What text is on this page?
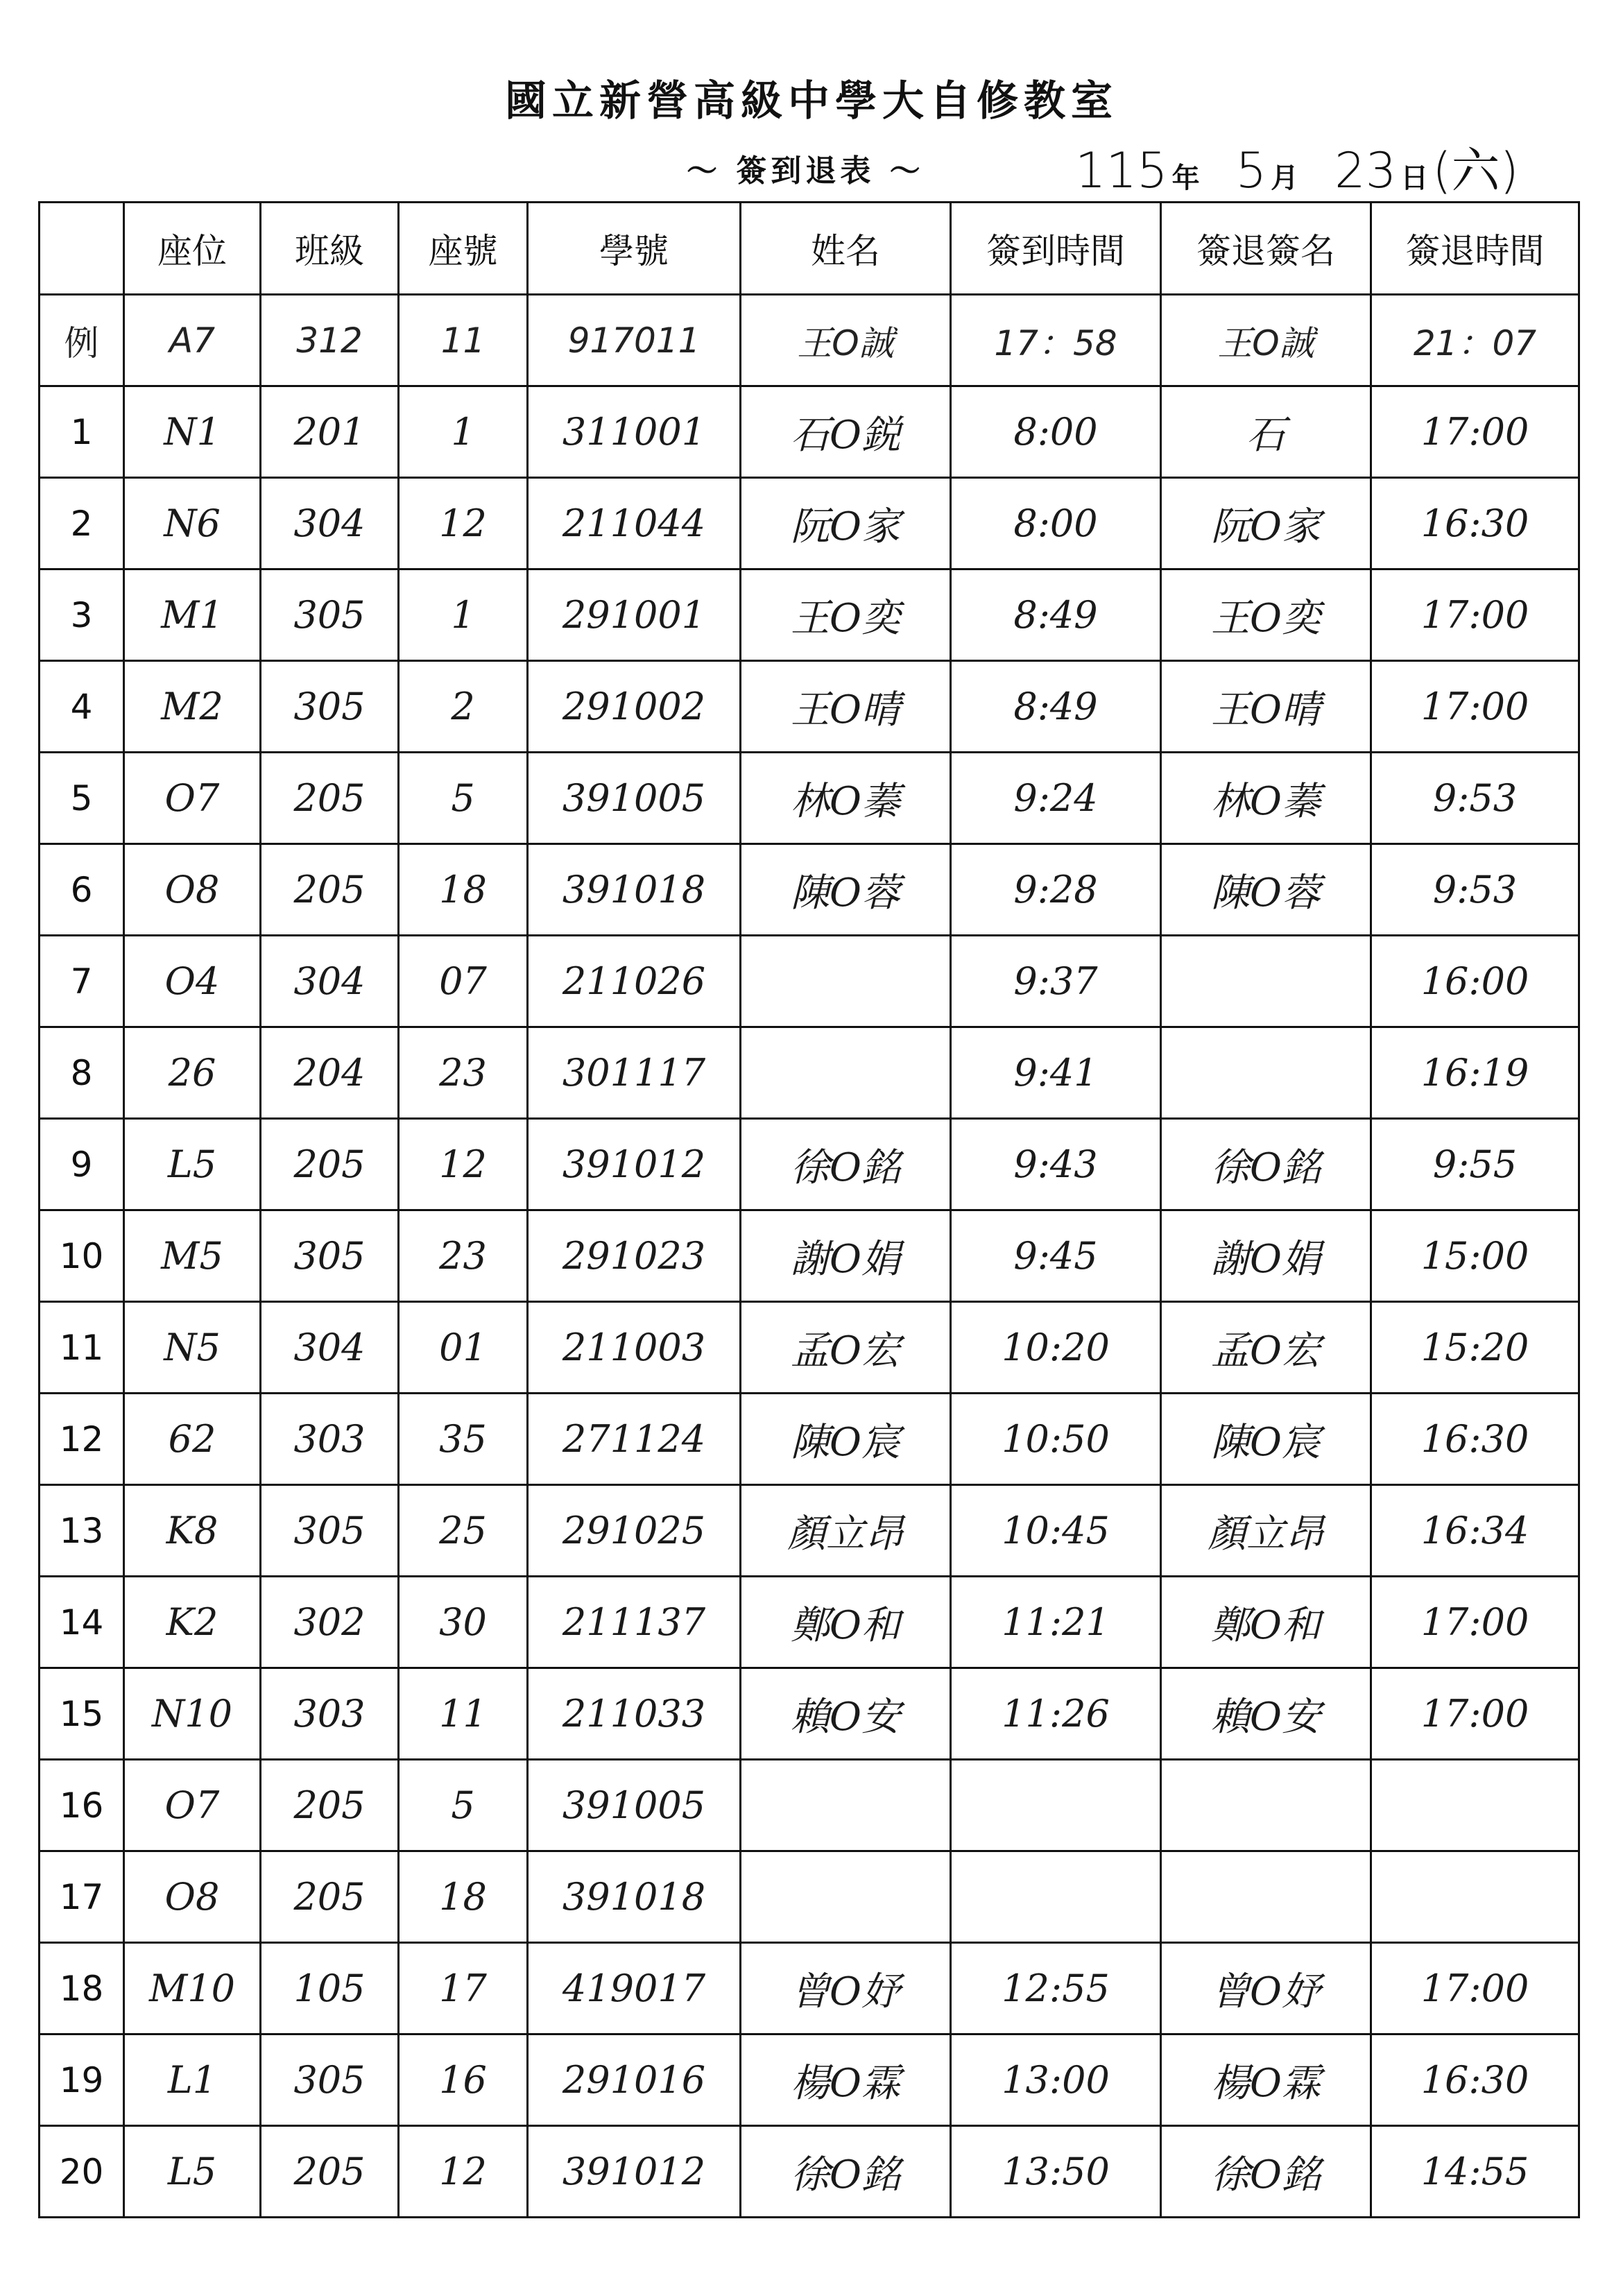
國立新營高級中學大自修教室
～ 簽到退表 ～	115 年 5 月 23 日 (六)
	座位	班級	座號	學號	姓名	簽到時間	簽退簽名	簽退時間
例	A7	312	11	917011	王O誠	17：58	王O誠	21：07
1	N1	201	1	311001	石O鋭	8:00	石	17:00
2	N6	304	12	211044	阮O家	8:00	阮O家	16:30
3	M1	305	1	291001	王O奕	8:49	王O奕	17:00
4	M2	305	2	291002	王O晴	8:49	王O晴	17:00
5	O7	205	5	391005	林O蓁	9:24	林O蓁	9:53
6	O8	205	18	391018	陳O蓉	9:28	陳O蓉	9:53
7	O4	304	07	211026		9:37		16:00
8	26	204	23	301117		9:41		16:19
9	L5	205	12	391012	徐O銘	9:43	徐O銘	9:55
10	M5	305	23	291023	謝O娟	9:45	謝O娟	15:00
11	N5	304	01	211003	孟O宏	10:20	孟O宏	15:20
12	62	303	35	271124	陳O宸	10:50	陳O宸	16:30
13	K8	305	25	291025	顏立昂	10:45	顏立昂	16:34
14	K2	302	30	211137	鄭O和	11:21	鄭O和	17:00
15	N10	303	11	211033	賴O安	11:26	賴O安	17:00
16	O7	205	5	391005				
17	O8	205	18	391018				
18	M10	105	17	419017	曾O妤	12:55	曾O妤	17:00
19	L1	305	16	291016	楊O霖	13:00	楊O霖	16:30
20	L5	205	12	391012	徐O銘	13:50	徐O銘	14:55
